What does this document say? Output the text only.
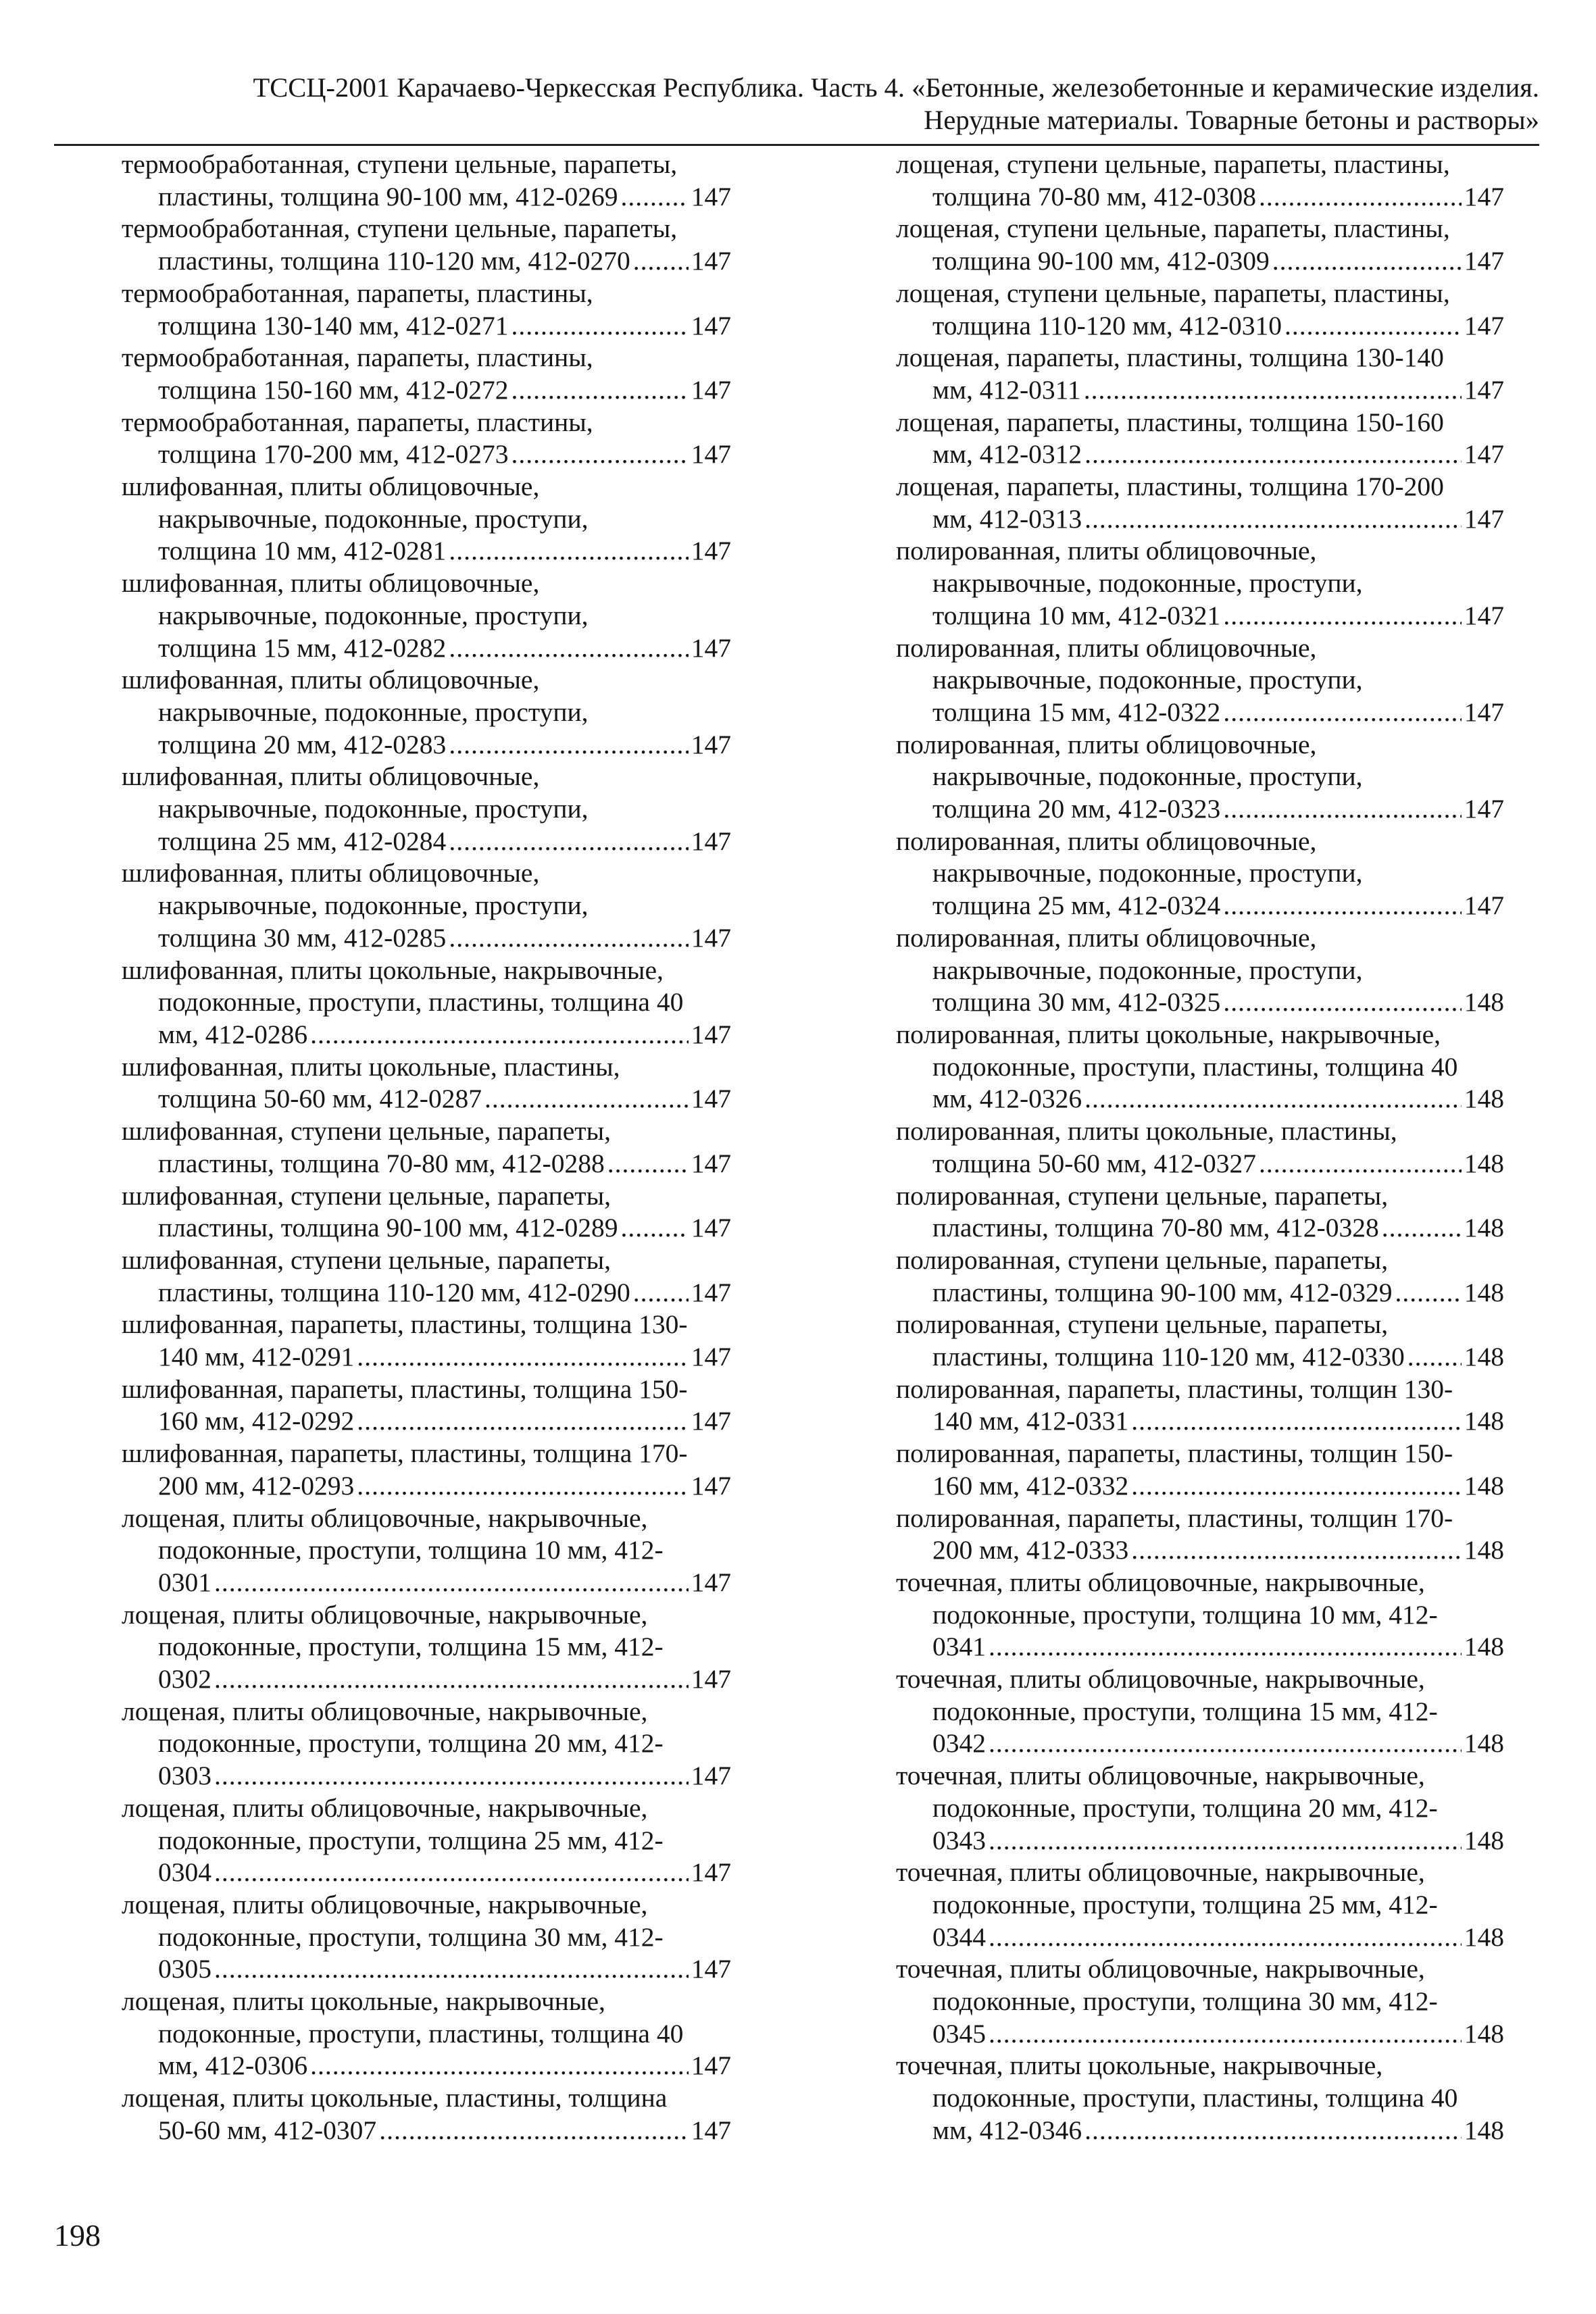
ТССЦ-2001 Карачаево-Черкесская Республика. Часть 4. «Бетонные, железобетонные и керамические изделия.
Нерудные материалы. Товарные бетоны и растворы»
термообработанная, ступени цельные, парапеты,
пластины, толщина 90-100 мм, 412-0269 .....	147
термообработанная, ступени цельные, парапеты,
пластины, толщина 110-120 мм, 412-0270 ..... 147
термообработанная, парапеты, пластины,
толщина 130-140 мм, 412-0271 .....	147
термообработанная, парапеты, пластины,
толщина 150-160 мм, 412-0272 .....	147
термообработанная, парапеты, пластины,
толщина 170-200 мм, 412-0273 .....	147
шлифованная, плиты облицовочные,
накрывочные, подоконные, проступи,
толщина 10 мм, 412-0281 .....	147
шлифованная, плиты облицовочные,
накрывочные, подоконные, проступи,
толщина 15 мм, 412-0282 .....	147
шлифованная, плиты облицовочные,
накрывочные, подоконные, проступи,
толщина 20 мм, 412-0283 .....	147
шлифованная, плиты облицовочные,
накрывочные, подоконные, проступи,
толщина 25 мм, 412-0284 .....	147
шлифованная, плиты облицовочные,
накрывочные, подоконные, проступи,
толщина 30 мм, 412-0285 .....	147
шлифованная, плиты цокольные, накрывочные,
подоконные, проступи, пластины, толщина 40
мм, 412-0286 .....	147
шлифованная, плиты цокольные, пластины,
толщина 50-60 мм, 412-0287 .....	147
шлифованная, ступени цельные, парапеты,
пластины, толщина 70-80 мм, 412-0288 .....	147
шлифованная, ступени цельные, парапеты,
пластины, толщина 90-100 мм, 412-0289 .....	147
шлифованная, ступени цельные, парапеты,
пластины, толщина 110-120 мм, 412-0290 ..... 147
шлифованная, парапеты, пластины, толщина 130-
140 мм, 412-0291 .....	147
шлифованная, парапеты, пластины, толщина 150-
160 мм, 412-0292 .....	147
шлифованная, парапеты, пластины, толщина 170-
200 мм, 412-0293 .....	147
лощеная, плиты облицовочные, накрывочные,
подоконные, проступи, толщина 10 мм, 412-
0301 .....	147
лощеная, плиты облицовочные, накрывочные,
подоконные, проступи, толщина 15 мм, 412-
0302 .....	147
лощеная, плиты облицовочные, накрывочные,
подоконные, проступи, толщина 20 мм, 412-
0303 .....	147
лощеная, плиты облицовочные, накрывочные,
подоконные, проступи, толщина 25 мм, 412-
0304 .....	147
лощеная, плиты облицовочные, накрывочные,
подоконные, проступи, толщина 30 мм, 412-
0305 .....	147
лощеная, плиты цокольные, накрывочные,
подоконные, проступи, пластины, толщина 40
мм, 412-0306 .....	147
лощеная, плиты цокольные, пластины, толщина
50-60 мм, 412-0307 .....	147
лощеная, ступени цельные, парапеты, пластины,
толщина 70-80 мм, 412-0308 .....	147
лощеная, ступени цельные, парапеты, пластины,
толщина 90-100 мм, 412-0309 .....	147
лощеная, ступени цельные, парапеты, пластины,
толщина 110-120 мм, 412-0310 .....	147
лощеная, парапеты, пластины, толщина 130-140
мм, 412-0311 .....	147
лощеная, парапеты, пластины, толщина 150-160
мм, 412-0312 .....	147
лощеная, парапеты, пластины, толщина 170-200
мм, 412-0313 .....	147
полированная, плиты облицовочные,
накрывочные, подоконные, проступи,
толщина 10 мм, 412-0321 .....	147
полированная, плиты облицовочные,
накрывочные, подоконные, проступи,
толщина 15 мм, 412-0322 .....	147
полированная, плиты облицовочные,
накрывочные, подоконные, проступи,
толщина 20 мм, 412-0323 .....	147
полированная, плиты облицовочные,
накрывочные, подоконные, проступи,
толщина 25 мм, 412-0324 .....	147
полированная, плиты облицовочные,
накрывочные, подоконные, проступи,
толщина 30 мм, 412-0325 .....	148
полированная, плиты цокольные, накрывочные,
подоконные, проступи, пластины, толщина 40
мм, 412-0326 .....	148
полированная, плиты цокольные, пластины,
толщина 50-60 мм, 412-0327 .....	148
полированная, ступени цельные, парапеты,
пластины, толщина 70-80 мм, 412-0328 .....	148
полированная, ступени цельные, парапеты,
пластины, толщина 90-100 мм, 412-0329 .....	148
полированная, ступени цельные, парапеты,
пластины, толщина 110-120 мм, 412-0330 ..... 148
полированная, парапеты, пластины, толщин 130-
140 мм, 412-0331 .....	148
полированная, парапеты, пластины, толщин 150-
160 мм, 412-0332 .....	148
полированная, парапеты, пластины, толщин 170-
200 мм, 412-0333 .....	148
точечная, плиты облицовочные, накрывочные,
подоконные, проступи, толщина 10 мм, 412-
0341 .....	148
точечная, плиты облицовочные, накрывочные,
подоконные, проступи, толщина 15 мм, 412-
0342 .....	148
точечная, плиты облицовочные, накрывочные,
подоконные, проступи, толщина 20 мм, 412-
0343 .....	148
точечная, плиты облицовочные, накрывочные,
подоконные, проступи, толщина 25 мм, 412-
0344 .....	148
точечная, плиты облицовочные, накрывочные,
подоконные, проступи, толщина 30 мм, 412-
0345 .....	148
точечная, плиты цокольные, накрывочные,
подоконные, проступи, пластины, толщина 40
мм, 412-0346 .....	148
198
